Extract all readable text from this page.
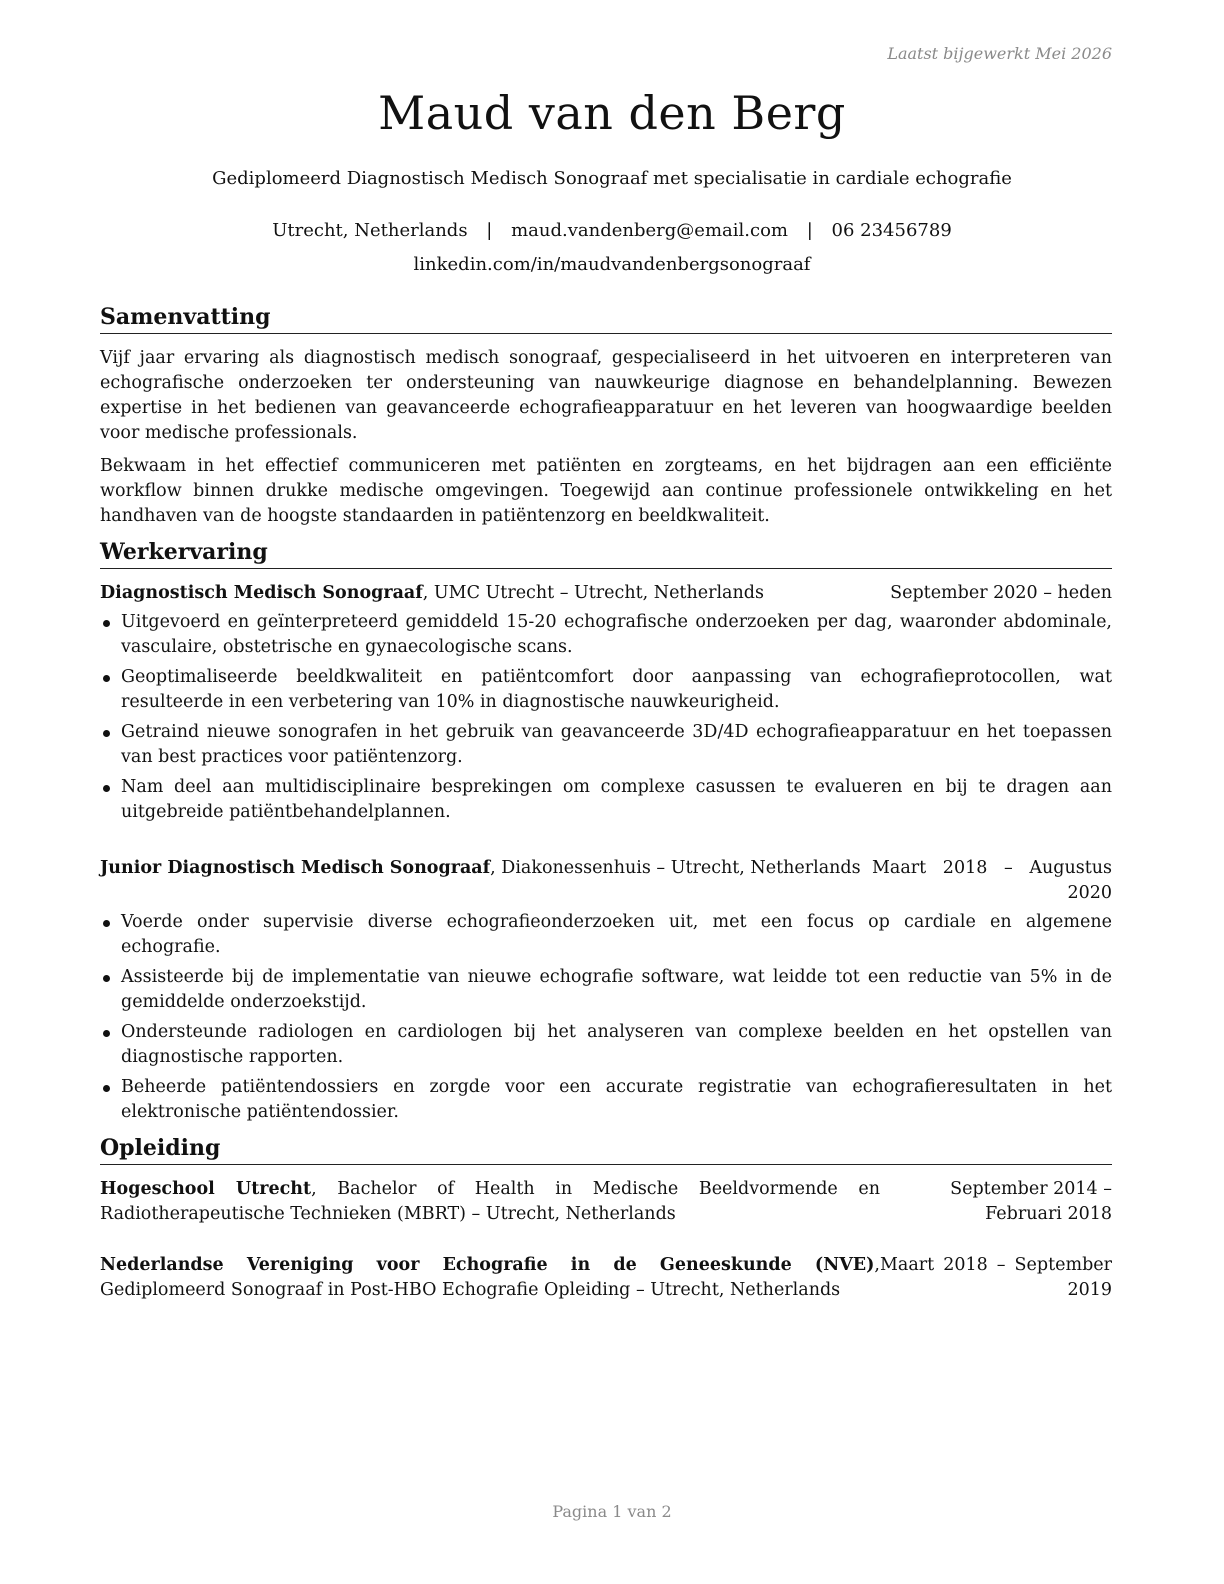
Laatst bijgewerkt Mei 2026
Maud van den Berg

Gediplomeerd Diagnostisch Medisch Sonograaf met specialisatie in cardiale echografie

Utrecht, Netherlands | maud.vandenberg@email.com | 06 23456789
linkedin.com/in/maudvandenbergsonograaf
Samenvatting

Vijf jaar ervaring als diagnostisch medisch sonograaf, gespecialiseerd in het uitvoeren en interpreteren van echografische onderzoeken ter ondersteuning van nauwkeurige diagnose en behandelplanning. Bewezen expertise in het bedienen van geavanceerde echografieapparatuur en het leveren van hoogwaardige beelden voor medische professionals.

Bekwaam in het effectief communiceren met patiënten en zorgteams, en het bijdragen aan een efficiënte workflow binnen drukke medische omgevingen. Toegewijd aan continue professionele ontwikkeling en het handhaven van de hoogste standaarden in patiëntenzorg en beeldkwaliteit.

Werkervaring
Diagnostisch Medisch Sonograaf, UMC Utrecht – Utrecht, Netherlands	September 2020 – heden
Uitgevoerd en geïnterpreteerd gemiddeld 15-20 echografische onderzoeken per dag, waaronder abdominale, vasculaire, obstetrische en gynaecologische scans.
Geoptimaliseerde beeldkwaliteit en patiëntcomfort door aanpassing van echografieprotocollen, wat resulteerde in een verbetering van 10% in diagnostische nauwkeurigheid.
Getraind nieuwe sonografen in het gebruik van geavanceerde 3D/4D echografieapparatuur en het toepassen van best practices voor patiëntenzorg.
Nam deel aan multidisciplinaire besprekingen om complexe casussen te evalueren en bij te dragen aan uitgebreide patiëntbehandelplannen.
Junior Diagnostisch Medisch Sonograaf, Diakonessenhuis – Utrecht, Netherlands Maart 2018 – Augustus 2020
Voerde onder supervisie diverse echografieonderzoeken uit, met een focus op cardiale en algemene echografie.
Assisteerde bij de implementatie van nieuwe echografie software, wat leidde tot een reductie van 5% in de gemiddelde onderzoekstijd.
Ondersteunde radiologen en cardiologen bij het analyseren van complexe beelden en het opstellen van diagnostische rapporten.
Beheerde patiëntendossiers en zorgde voor een accurate registratie van echografieresultaten in het elektronische patiëntendossier.
Opleiding
Hogeschool Utrecht, Bachelor of Health in Medische Beeldvormende en Radiotherapeutische Technieken (MBRT) – Utrecht, Netherlands
September 2014 – Februari 2018
Nederlandse Vereniging voor Echografie in de Geneeskunde (NVE), Gediplomeerd Sonograaf in Post-HBO Echografie Opleiding – Utrecht, Netherlands
Maart 2018 – September 2019
Pagina 1 van 2
